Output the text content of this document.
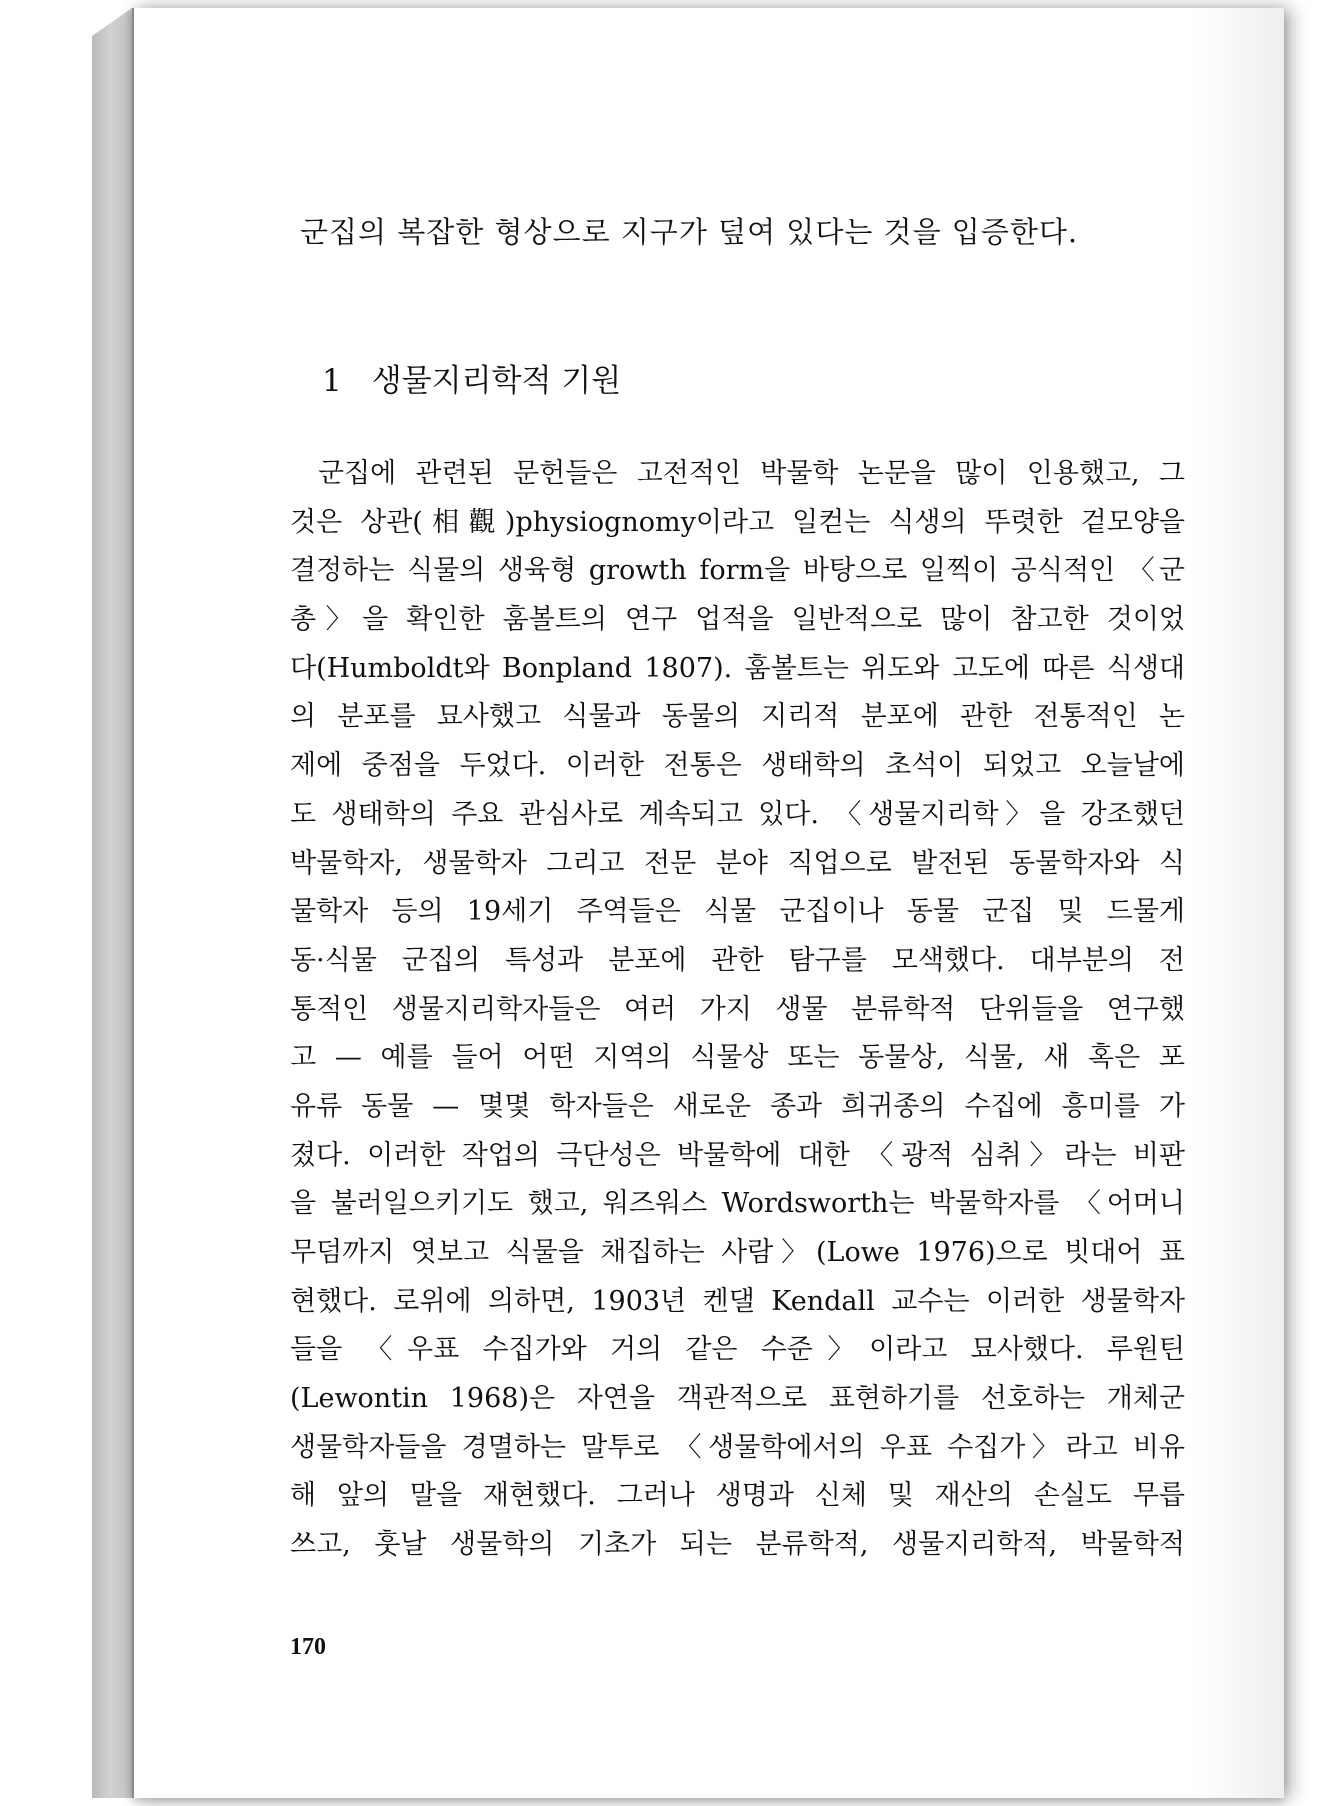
군집의 복잡한 형상으로 지구가 덮여 있다는 것을 입증한다.
1 생물지리학적 기원
군집에 관련된 문헌들은 고전적인 박물학 논문을 많이 인용했고, 그
것은 상관(相觀)physiognomy이라고 일컫는 식생의 뚜렷한 겉모양을
결정하는 식물의 생육형 growth form을 바탕으로 일찍이 공식적인 〈군
총〉을 확인한 훔볼트의 연구 업적을 일반적으로 많이 참고한 것이었
다(Humboldt와 Bonpland 1807). 훔볼트는 위도와 고도에 따른 식생대
의 분포를 묘사했고 식물과 동물의 지리적 분포에 관한 전통적인 논
제에 중점을 두었다. 이러한 전통은 생태학의 초석이 되었고 오늘날에
도 생태학의 주요 관심사로 계속되고 있다. 〈생물지리학〉을 강조했던
박물학자, 생물학자 그리고 전문 분야 직업으로 발전된 동물학자와 식
물학자 등의 19세기 주역들은 식물 군집이나 동물 군집 및 드물게
동·식물 군집의 특성과 분포에 관한 탐구를 모색했다. 대부분의 전
통적인 생물지리학자들은 여러 가지 생물 분류학적 단위들을 연구했
고 — 예를 들어 어떤 지역의 식물상 또는 동물상, 식물, 새 혹은 포
유류 동물 — 몇몇 학자들은 새로운 종과 희귀종의 수집에 흥미를 가
졌다. 이러한 작업의 극단성은 박물학에 대한 〈광적 심취〉라는 비판
을 불러일으키기도 했고, 워즈워스 Wordsworth는 박물학자를 〈어머니
무덤까지 엿보고 식물을 채집하는 사람〉(Lowe 1976)으로 빗대어 표
현했다. 로위에 의하면, 1903년 켄댈 Kendall 교수는 이러한 생물학자
들을 〈우표 수집가와 거의 같은 수준〉이라고 묘사했다. 루원틴
(Lewontin 1968)은 자연을 객관적으로 표현하기를 선호하는 개체군
생물학자들을 경멸하는 말투로 〈생물학에서의 우표 수집가〉라고 비유
해 앞의 말을 재현했다. 그러나 생명과 신체 및 재산의 손실도 무릅
쓰고, 훗날 생물학의 기초가 되는 분류학적, 생물지리학적, 박물학적
170
